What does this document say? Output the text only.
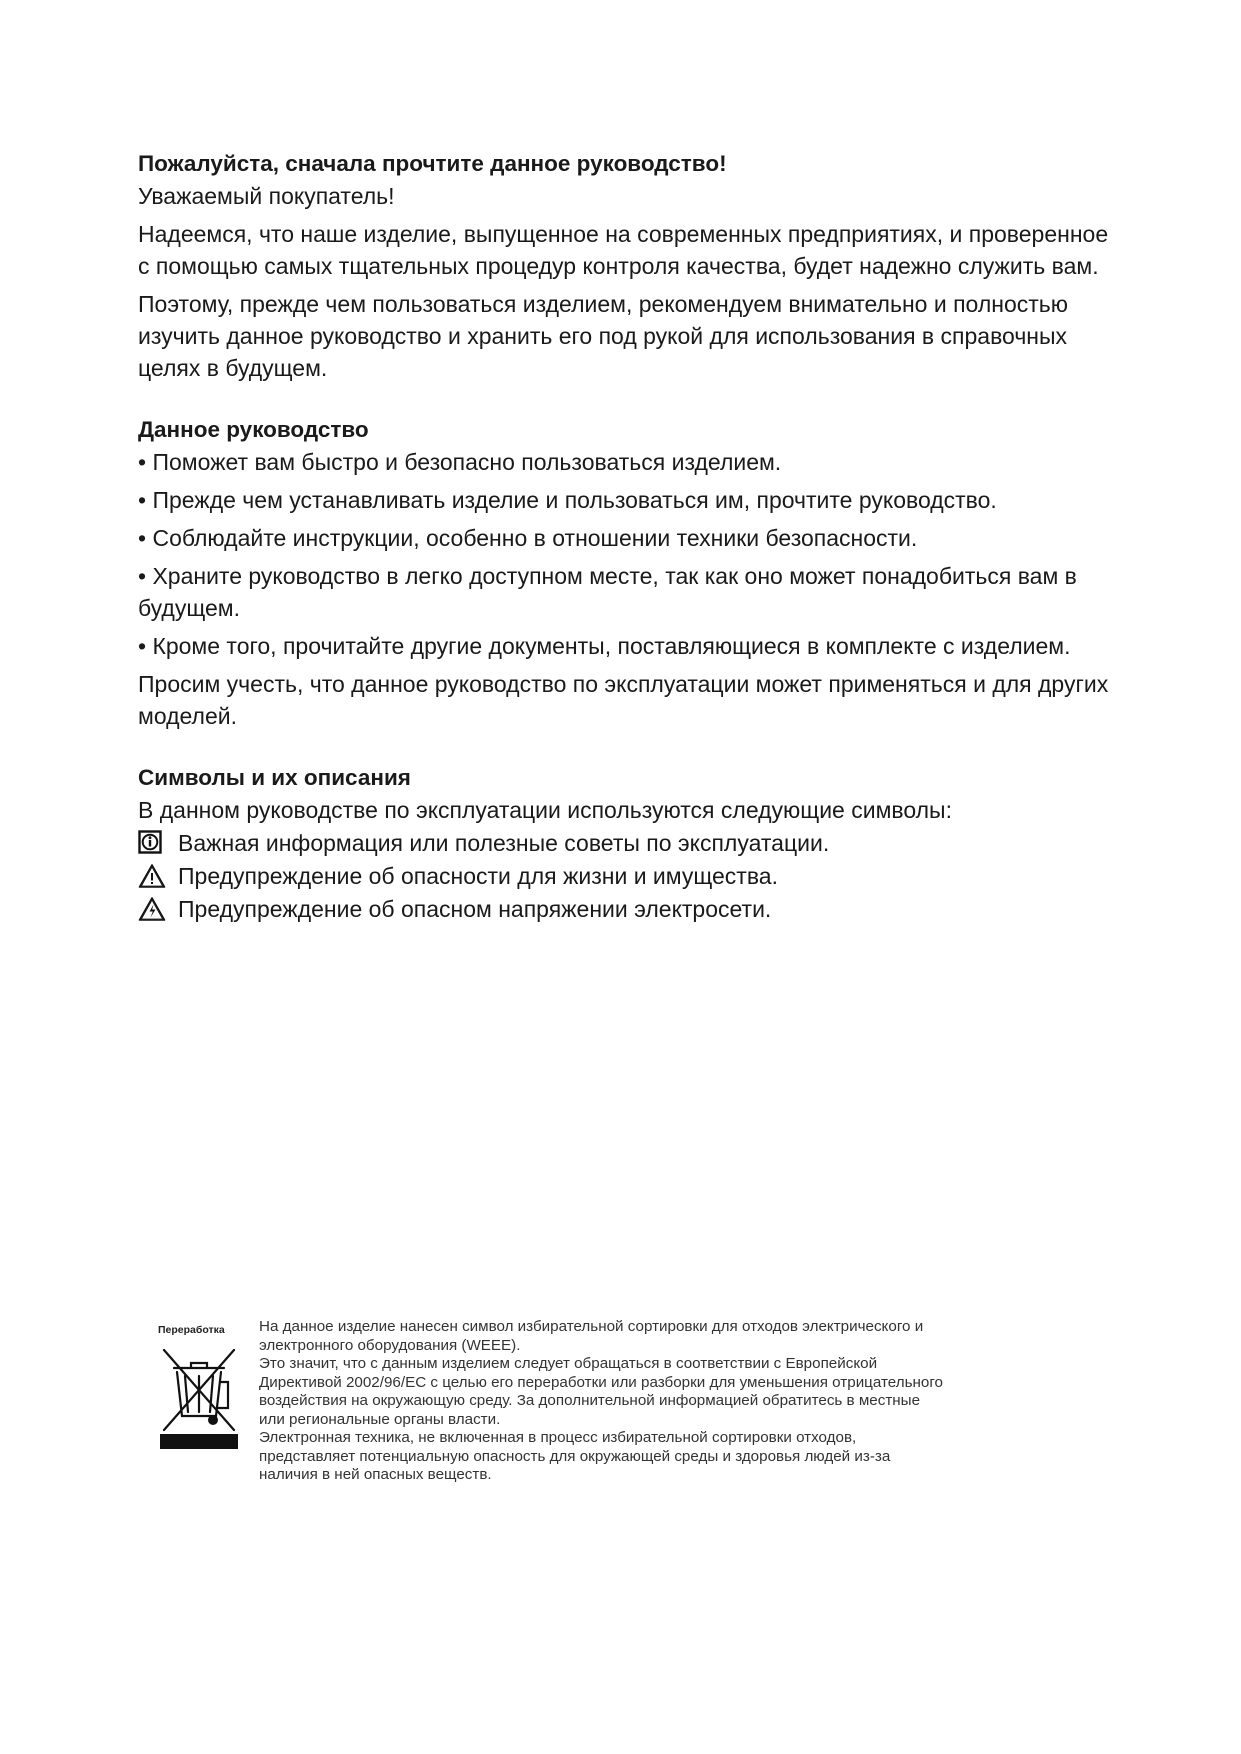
Пожалуйста, сначала прочтите данное руководство!

Уважаемый покупатель!

Надеемся, что наше изделие, выпущенное на современных предприятиях, и проверенное с помощью самых тщательных процедур контроля качества, будет надежно служить вам.

Поэтому, прежде чем пользоваться изделием, рекомендуем внимательно и полностью изучить данное руководство и хранить его под рукой для использования в справочных целях в будущем.

Данное руководство

• Поможет вам быстро и безопасно пользоваться изделием.

• Прежде чем устанавливать изделие и пользоваться им, прочтите руководство.

• Соблюдайте инструкции, особенно в отношении техники безопасности.

• Храните руководство в легко доступном месте, так как оно может понадобиться вам в будущем.

• Кроме того, прочитайте другие документы, поставляющиеся в комплекте с изделием.

Просим учесть, что данное руководство по эксплуатации может применяться и для других моделей.

Символы и их описания

В данном руководстве по эксплуатации используются следующие символы:

Важная информация или полезные советы по эксплуатации.
Предупреждение об опасности для жизни и имущества.
Предупреждение об опасном напряжении электросети.
Переработка На данное изделие нанесен символ избирательной сортировки для отходов электрического и
электронного оборудования (WEEE).
Это значит, что с данным изделием следует обращаться в соответствии с Европейской
Директивой 2002/96/EC с целью его переработки или разборки для уменьшения отрицательного
воздействия на окружающую среду. За дополнительной информацией обратитесь в местные
или региональные органы власти.
Электронная техника, не включенная в процесс избирательной сортировки отходов,
представляет потенциальную опасность для окружающей среды и здоровья людей из-за
наличия в ней опасных веществ.
